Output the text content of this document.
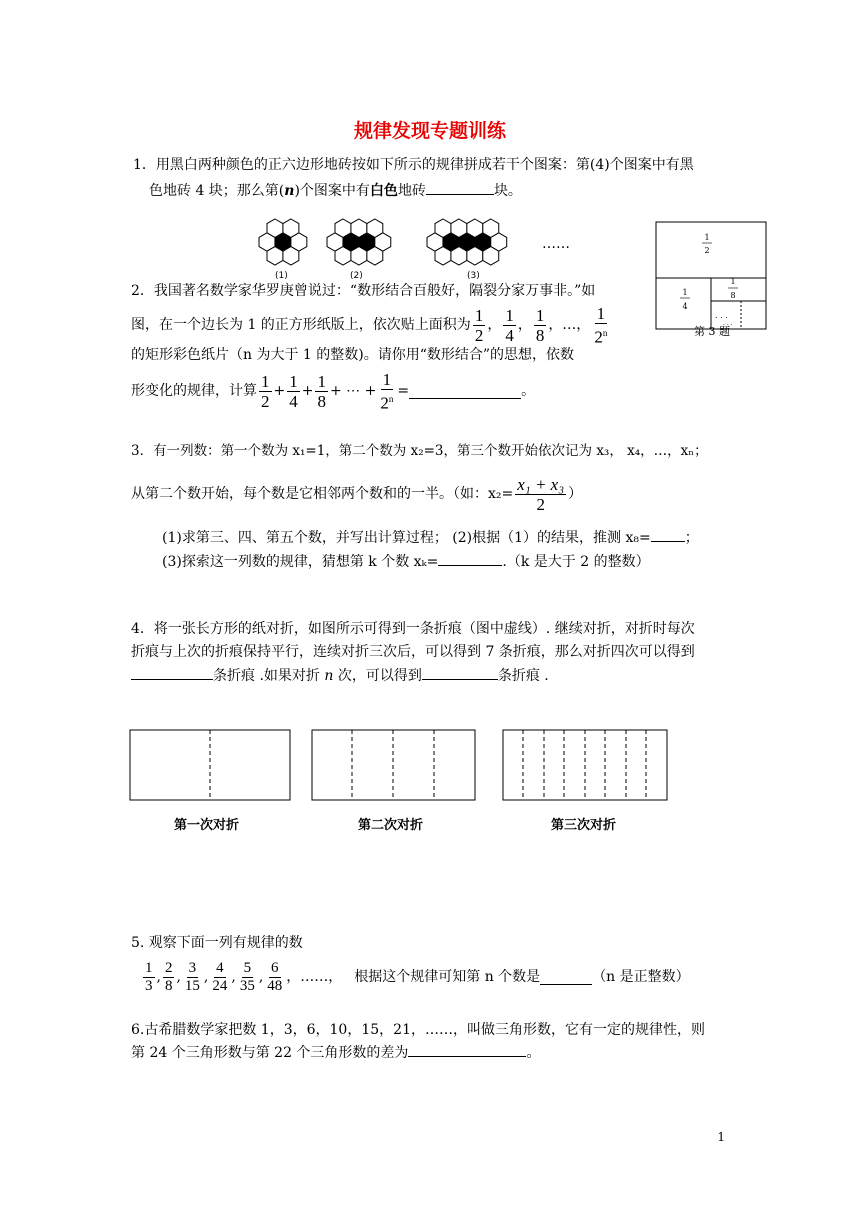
规律发现专题训练
1．用黑白两种颜色的正六边形地砖按如下所示的规律拼成若干个图案：第(4)个图案中有黑
色地砖 4 块；那么第(n)个图案中有白色地砖	块。
(1)	(2)	(3)
……	1
2
1
4
1
8
. . .
. . .
第 3 题
2．我国著名数学家华罗庚曾说过：“数形结合百般好，隔裂分家万事非。”如
图，在一个边长为 1 的正方形纸版上，依次贴上面积为 $\frac{1}{2}$ ， $\frac{1}{4}$ ， $\frac{1}{8}$ ，…， $\frac{1}{2^n}$
的矩形彩色纸片（n 为大于 1 的整数)。请你用“数形结合”的思想，依数
形变化的规律，计算 $\frac{1}{2} + \frac{1}{4} + \frac{1}{8}$ + ⋯ + $\frac{1}{2^n}$ =	。
3．有一列数：第一个数为 x₁=1，第二个数为 x₂=3，第三个数开始依次记为 x₃， x₄，…，xₙ；
从第二个数开始，每个数是它相邻两个数和的一半。（如：$x_2= \frac{\text{x₁ + x₃}}{2}$ ）
(1)求第三、四、第五个数，并写出计算过程； (2)根据（1）的结果，推测 x₈= ；
(3)探索这一列数的规律，猜想第 k 个数 xₖ=	.（k 是大于 2 的整数）
4．将一张长方形的纸对折，如图所示可得到一条折痕（图中虚线）. 继续对折，对折时每次
折痕与上次的折痕保持平行，连续对折三次后，可以得到 7 条折痕，那么对折四次可以得到
条折痕 .如果对折 n 次，可以得到	条折痕 .
第一次对折	第二次对折	第三次对折
5. 观察下面一列有规律的数
$\frac{1}{3}$ , $\frac{2}{8}$ , $\frac{3}{15}$ , $\frac{4}{24}$ , $\frac{5}{35}$ , $\frac{6}{48}$ ，……， 根据这个规律可知第 n 个数是	（n 是正整数）
6.古希腊数学家把数 1，3，6，10，15，21，……，叫做三角形数，它有一定的规律性，则
第 24 个三角形数与第 22 个三角形数的差为	。
1
